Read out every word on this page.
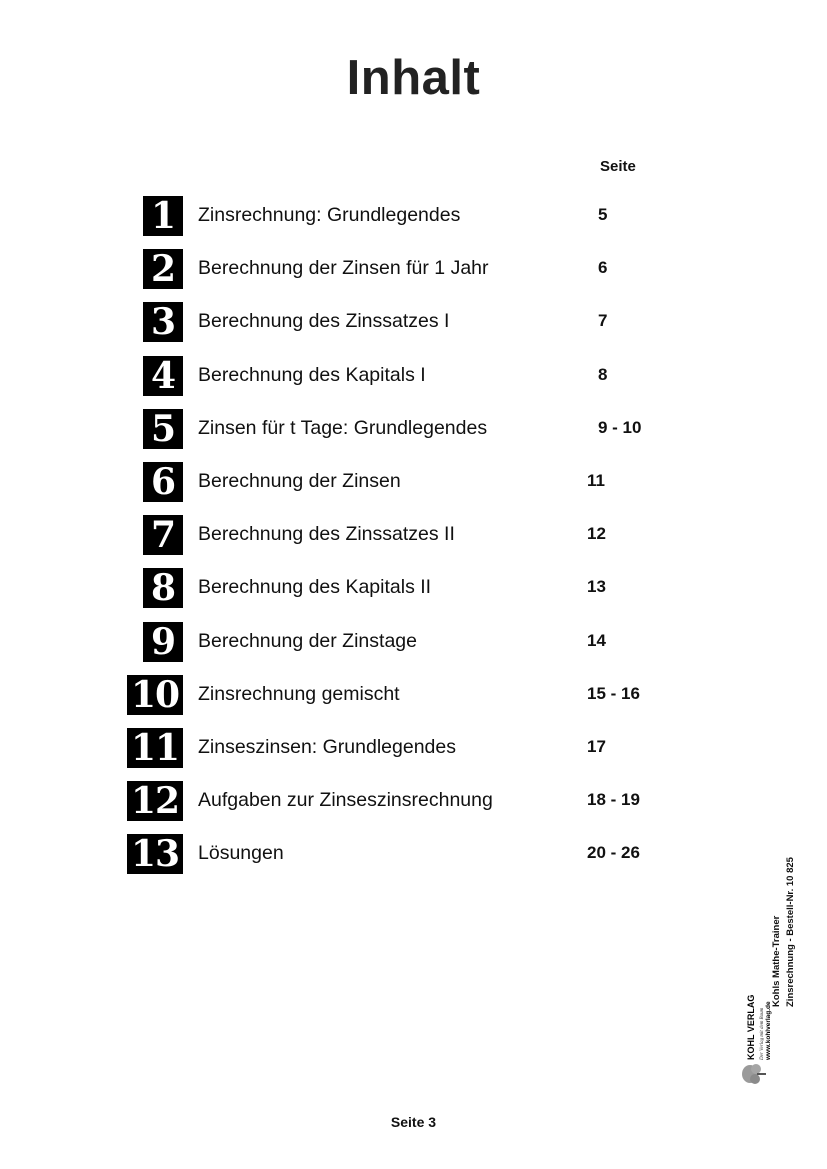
Inhalt
Seite
1	Zinsrechnung: Grundlegendes	5
2	Berechnung der Zinsen für 1 Jahr	6
3	Berechnung des Zinssatzes I	7
4	Berechnung des Kapitals I	8
5	Zinsen für t Tage: Grundlegendes	9 - 10
6	Berechnung der Zinsen	11
7	Berechnung des Zinssatzes II	12
8	Berechnung des Kapitals II	13
9	Berechnung der Zinstage	14
10 Zinsrechnung gemischt	15 - 16
11 Zinseszinsen: Grundlegendes	17
12 Aufgaben zur Zinseszinsrechnung	18 - 19
13 Lösungen	20 - 26
KOHL VERLAG Der Verlag mit dem Baum www.kohlverlag.de
Kohls Mathe-Trainer Zinsrechnung - Bestell-Nr. 10 825
Seite 3
